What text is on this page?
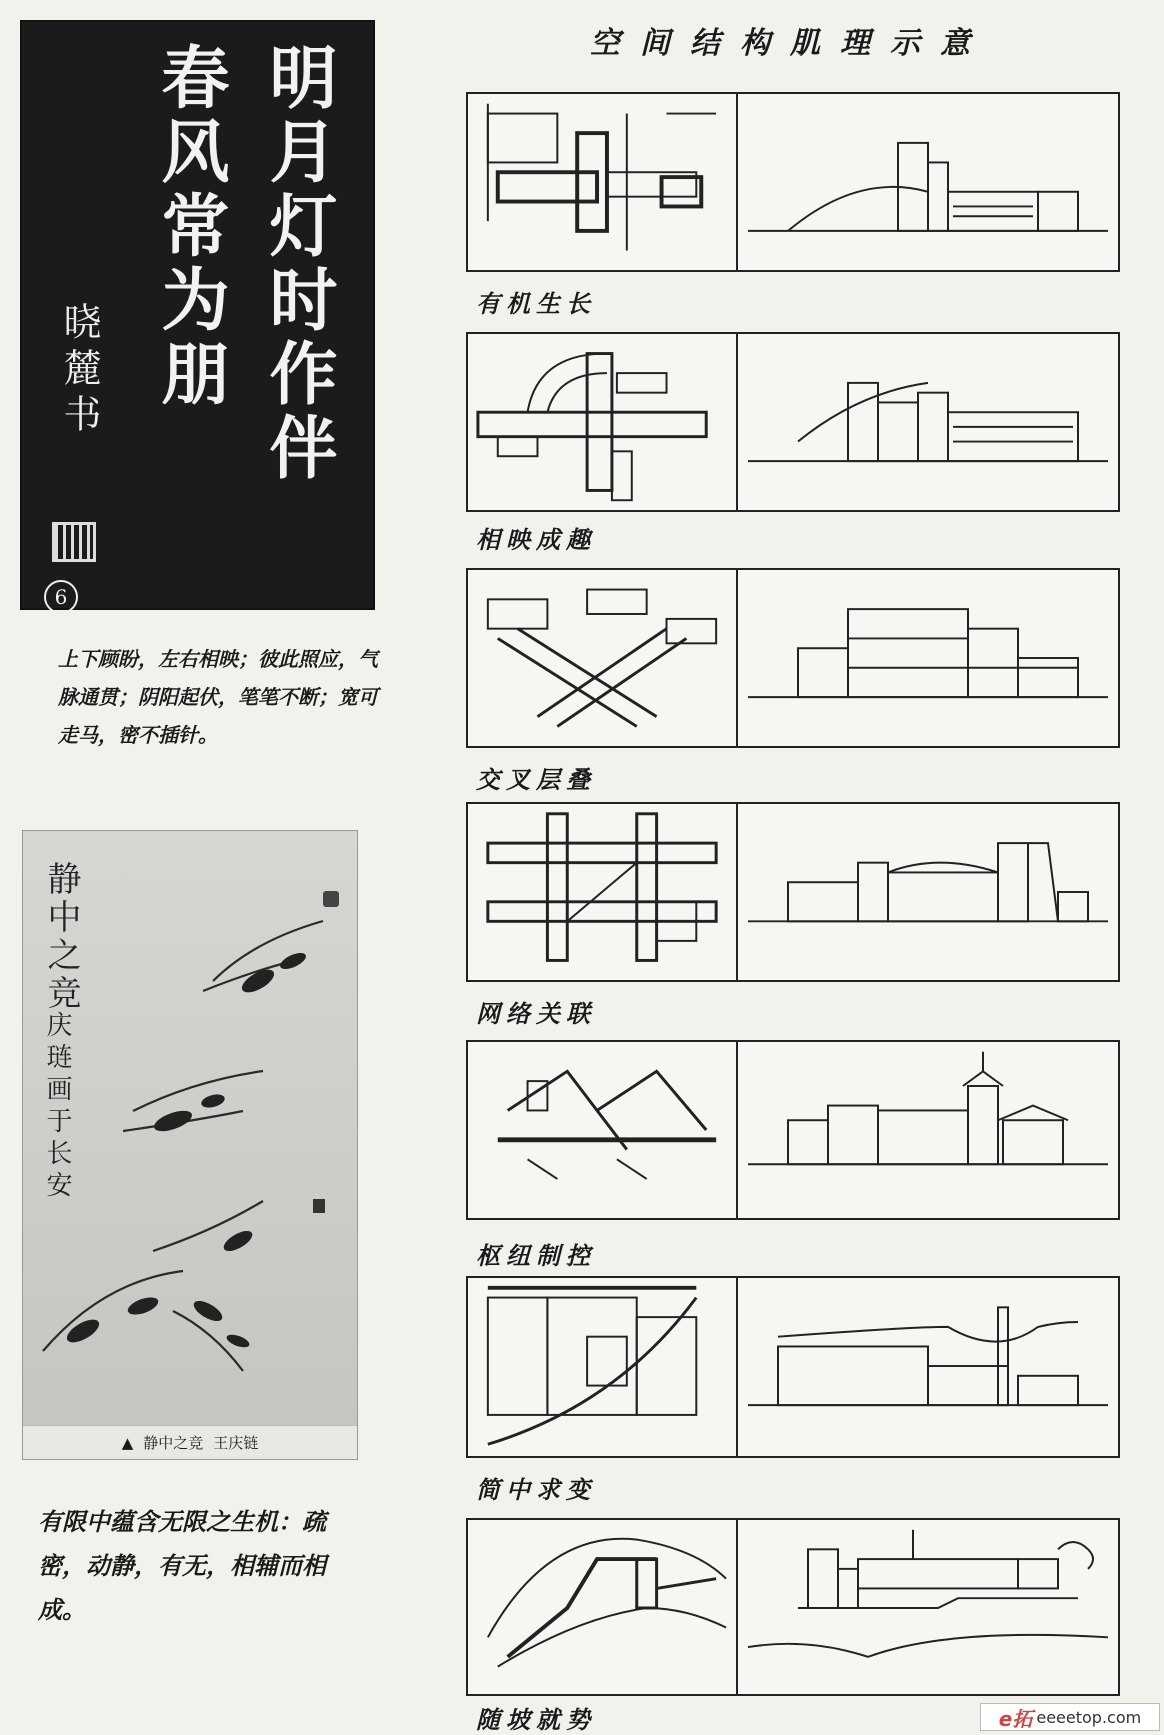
明月灯时作伴
春风常为朋
晓麓书
6
上下顾盼，左右相映；彼此照应，气脉通贯；阴阳起伏，笔笔不断；宽可走马，密不插针。
静中之竞
庆琏画于长安
▲ 静中之竞 王庆链
有限中蕴含无限之生机：疏密，动静，有无，相辅而相成。
空间结构肌理示意
有机生长
相映成趣
交叉层叠
网络关联
枢纽制控
简中求变
随坡就势	e拓 eeeetop.com
